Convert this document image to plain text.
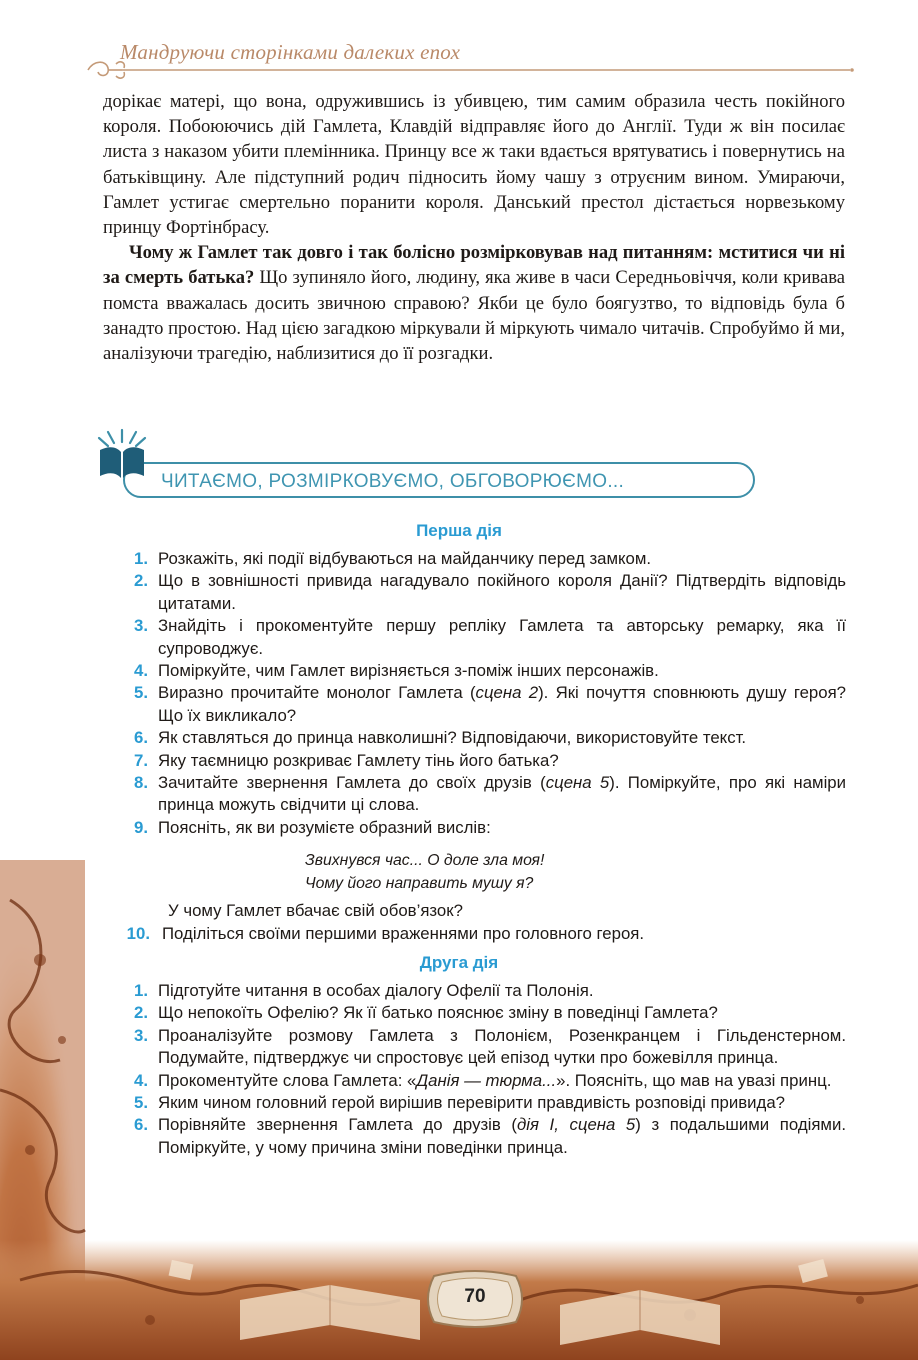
Мандруючи сторінками далеких епох

дорікає матері, що вона, одружившись із убивцею, тим самим образила честь покійного короля. Побоюючись дій Гамлета, Клавдій відправляє його до Англії. Туди ж він посилає листа з наказом убити племінника. Принцу все ж таки вдається врятуватись і повернутись на батьківщину. Але підступний родич підносить йому чашу з отруєним вином. Умираючи, Гамлет устигає смертельно поранити короля. Данський престол дістається норвезькому принцу Фортінбрасу.

Чому ж Гамлет так довго і так болісно розмірковував над питанням: мститися чи ні за смерть батька? Що зупиняло його, людину, яка живе в часи Середньовіччя, коли кривава помста вважалась досить звичною справою? Якби це було боягузтво, то відповідь була б занадто простою. Над цією загадкою міркували й міркують чимало читачів. Спробуймо й ми, аналізуючи трагедію, наблизитися до її розгадки.

ЧИТАЄМО, РОЗМІРКОВУЄМО, ОБГОВОРЮЄМО...
Перша дія
1. Розкажіть, які події відбуваються на майданчику перед замком.
2. Що в зовнішності привида нагадувало покійного короля Данії? Підтвердіть відповідь цитатами.
3. Знайдіть і прокоментуйте першу репліку Гамлета та авторську ремарку, яка її супроводжує.
4. Поміркуйте, чим Гамлет вирізняється з-поміж інших персонажів.
5. Виразно прочитайте монолог Гамлета (сцена 2). Які почуття сповнюють душу героя? Що їх викликало?
6. Як ставляться до принца навколишні? Відповідаючи, використовуйте текст.
7. Яку таємницю розкриває Гамлету тінь його батька?
8. Зачитайте звернення Гамлета до своїх друзів (сцена 5). Поміркуйте, про які наміри принца можуть свідчити ці слова.
9. Поясніть, як ви розумієте образний вислів:
Звихнувся час... О доле зла моя!
Чому його направить мушу я?
У чому Гамлет вбачає свій обов’язок?
10. Поділіться своїми першими враженнями про головного героя.
Друга дія
1. Підготуйте читання в особах діалогу Офелії та Полонія.
2. Що непокоїть Офелію? Як її батько пояснює зміну в поведінці Гамлета?
3. Проаналізуйте розмову Гамлета з Полонієм, Розенкранцем і Гільденстерном. Подумайте, підтверджує чи спростовує цей епізод чутки про божевілля принца.
4. Прокоментуйте слова Гамлета: «Данія — тюрма...». Поясніть, що мав на увазі принц.
5. Яким чином головний герой вирішив перевірити правдивість розповіді привида?
6. Порівняйте звернення Гамлета до друзів (дія І, сцена 5) з подальшими подіями. Поміркуйте, у чому причина зміни поведінки принца.
70
